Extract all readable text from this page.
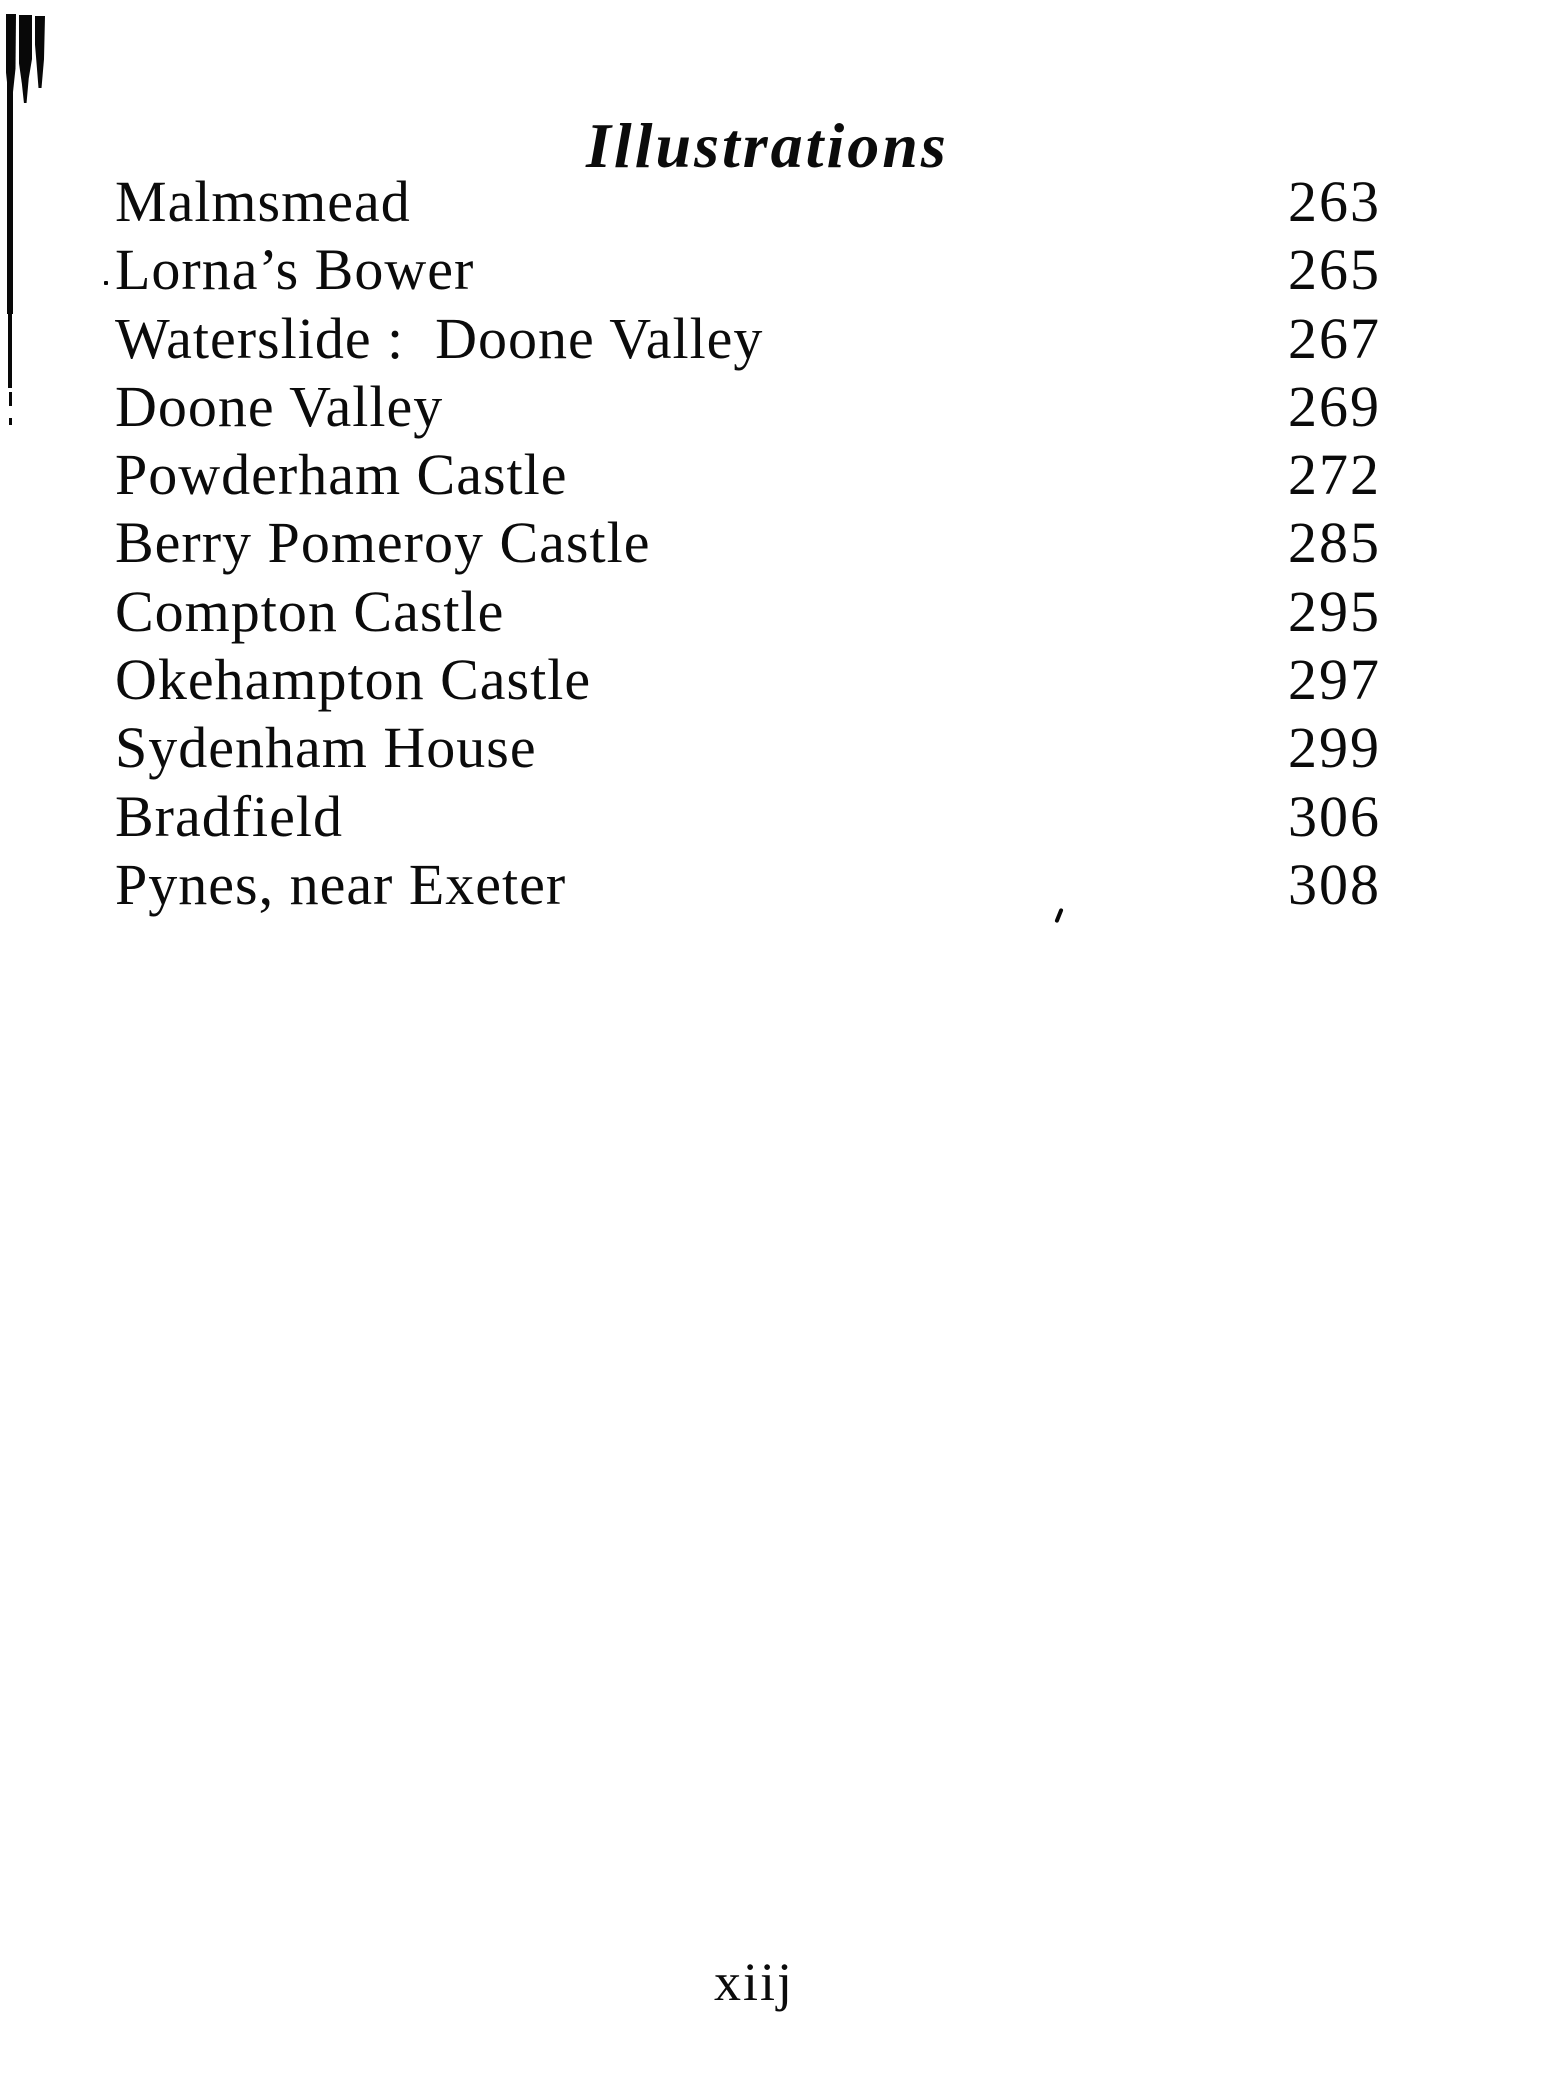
Illustrations
Malmsmead	263
Lorna’s Bower	265
Waterslide :  Doone Valley	267
Doone Valley	269
Powderham Castle	272
Berry Pomeroy Castle	285
Compton Castle	295
Okehampton Castle	297
Sydenham House	299
Bradfield	306
Pynes, near Exeter	308
xiij
